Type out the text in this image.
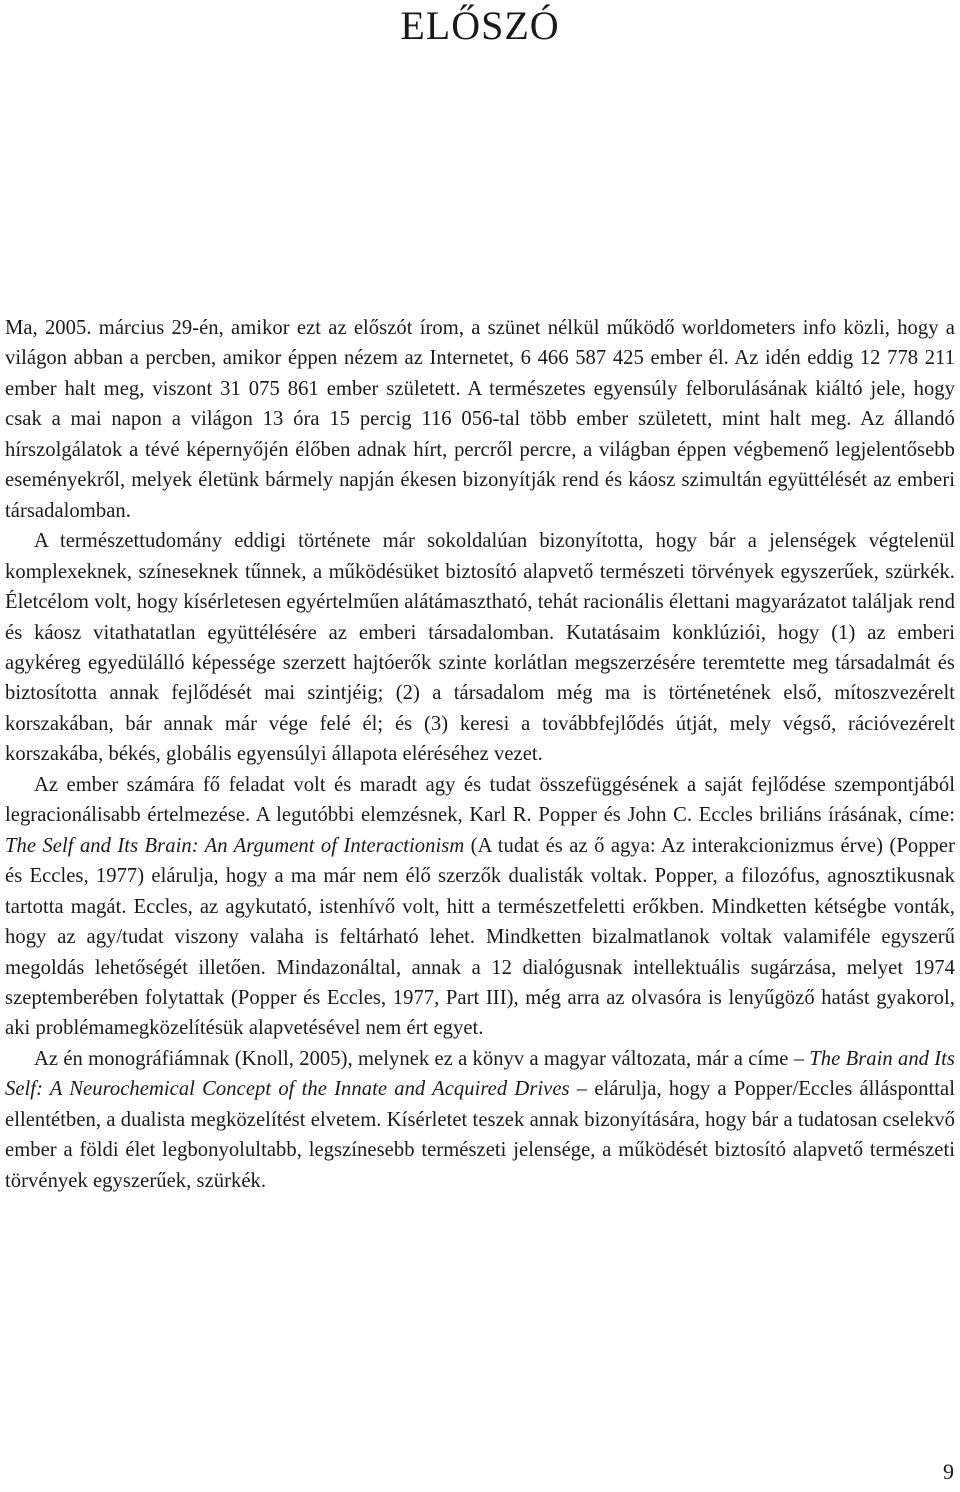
ELŐSZÓ

Ma, 2005. március 29-én, amikor ezt az előszót írom, a szünet nélkül működő worldometers info közli, hogy a világon abban a percben, amikor éppen nézem az Internetet, 6 466 587 425 ember él. Az idén eddig 12 778 211 ember halt meg, viszont 31 075 861 ember született. A természetes egyensúly felborulásának kiáltó jele, hogy csak a mai napon a világon 13 óra 15 percig 116 056-tal több ember született, mint halt meg. Az állandó hírszolgálatok a tévé képernyőjén élőben adnak hírt, percről percre, a világban éppen végbemenő legjelentősebb eseményekről, melyek életünk bármely napján ékesen bizonyítják rend és káosz szimultán együttélését az emberi társadalomban.

A természettudomány eddigi története már sokoldalúan bizonyította, hogy bár a jelenségek végtelenül komplexeknek, színeseknek tűnnek, a működésüket biztosító alapvető természeti törvények egyszerűek, szürkék. Életcélom volt, hogy kísérletesen egyértelműen alátámasztható, tehát racionális élettani magyarázatot találjak rend és káosz vitathatatlan együttélésére az emberi társadalomban. Kutatásaim konklúziói, hogy (1) az emberi agykéreg egyedülálló képessége szerzett hajtóerők szinte korlátlan megszerzésére teremtette meg társadalmát és biztosította annak fejlődését mai szintjéig; (2) a társadalom még ma is történetének első, mítoszvezérelt korszakában, bár annak már vége felé él; és (3) keresi a továbbfejlődés útját, mely végső, rációvezérelt korszakába, békés, globális egyensúlyi állapota eléréséhez vezet.

Az ember számára fő feladat volt és maradt agy és tudat összefüggésének a saját fejlődése szempontjából legracionálisabb értelmezése. A legutóbbi elemzésnek, Karl R. Popper és John C. Eccles briliáns írásának, címe: The Self and Its Brain: An Argument of Interactionism (A tudat és az ő agya: Az interakcionizmus érve) (Popper és Eccles, 1977) elárulja, hogy a ma már nem élő szerzők dualisták voltak. Popper, a filozófus, agnosztikusnak tartotta magát. Eccles, az agykutató, istenhívő volt, hitt a természetfeletti erőkben. Mindketten kétségbe vonták, hogy az agy/tudat viszony valaha is feltárható lehet. Mindketten bizalmatlanok voltak valamiféle egyszerű megoldás lehetőségét illetően. Mindazonáltal, annak a 12 dialógusnak intellektuális sugárzása, melyet 1974 szeptemberében folytattak (Popper és Eccles, 1977, Part III), még arra az olvasóra is lenyűgöző hatást gyakorol, aki problémamegközelítésük alapvetésével nem ért egyet.

Az én monográfiámnak (Knoll, 2005), melynek ez a könyv a magyar változata, már a címe – The Brain and Its Self: A Neurochemical Concept of the Innate and Acquired Drives – elárulja, hogy a Popper/Eccles állásponttal ellentétben, a dualista megközelítést elvetem. Kísérletet teszek annak bizonyítására, hogy bár a tudatosan cselekvő ember a földi élet legbonyolultabb, legszínesebb természeti jelensége, a működését biztosító alapvető természeti törvények egyszerűek, szürkék.

9
